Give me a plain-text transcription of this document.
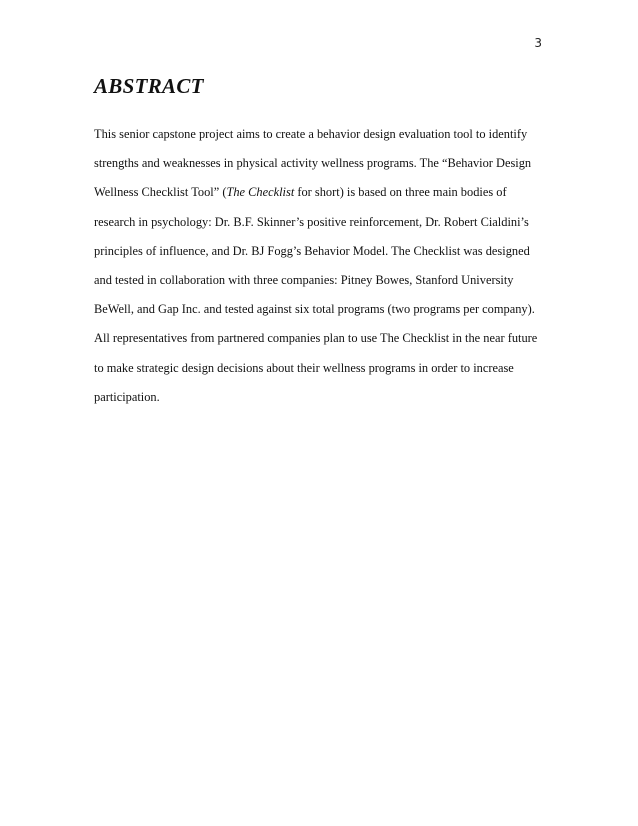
3
ABSTRACT
This senior capstone project aims to create a behavior design evaluation tool to identify
strengths and weaknesses in physical activity wellness programs. The “Behavior Design
Wellness Checklist Tool” (The Checklist for short) is based on three main bodies of
research in psychology: Dr. B.F. Skinner’s positive reinforcement, Dr. Robert Cialdini’s
principles of influence, and Dr. BJ Fogg’s Behavior Model. The Checklist was designed
and tested in collaboration with three companies: Pitney Bowes, Stanford University
BeWell, and Gap Inc. and tested against six total programs (two programs per company).
All representatives from partnered companies plan to use The Checklist in the near future
to make strategic design decisions about their wellness programs in order to increase
participation.
